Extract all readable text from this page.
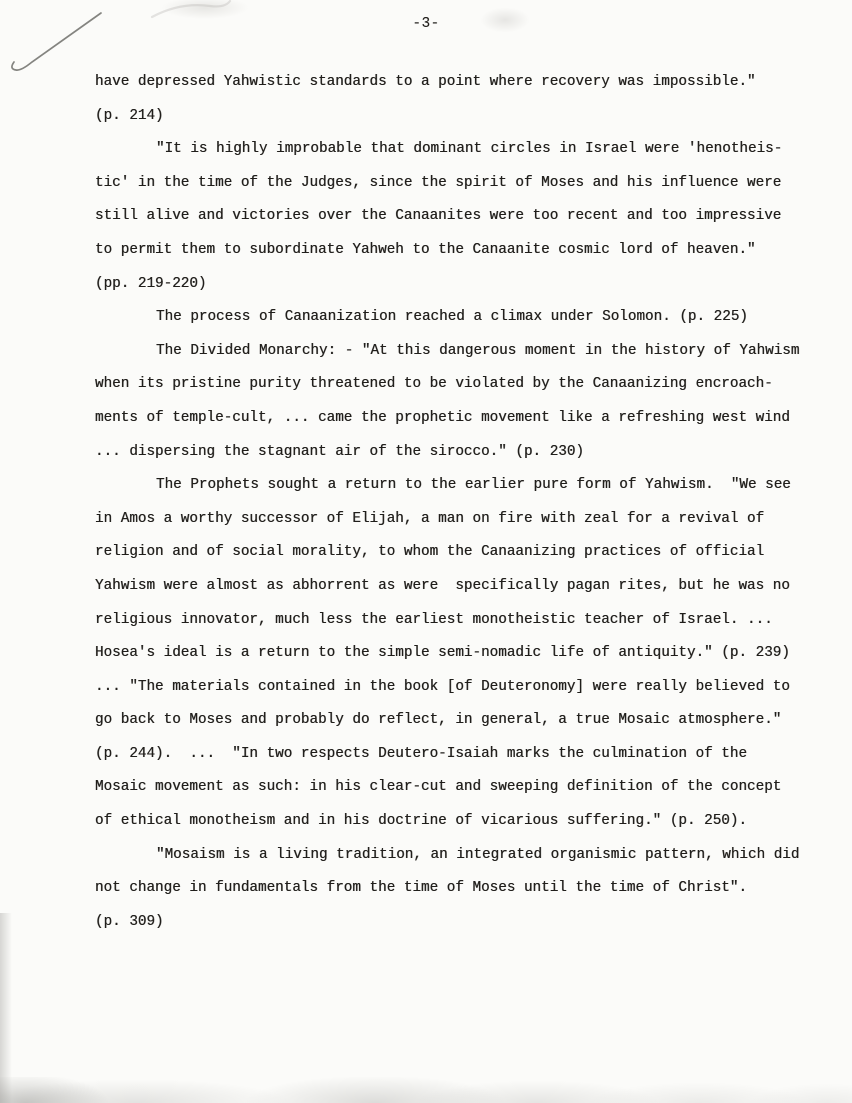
-3-
have depressed Yahwistic standards to a point where recovery was impossible."
(p. 214)
"It is highly improbable that dominant circles in Israel were 'henotheis-
tic' in the time of the Judges, since the spirit of Moses and his influence were
still alive and victories over the Canaanites were too recent and too impressive
to permit them to subordinate Yahweh to the Canaanite cosmic lord of heaven."
(pp. 219-220)
The process of Canaanization reached a climax under Solomon. (p. 225)
The Divided Monarchy: - "At this dangerous moment in the history of Yahwism
when its pristine purity threatened to be violated by the Canaanizing encroach-
ments of temple-cult, ... came the prophetic movement like a refreshing west wind
... dispersing the stagnant air of the sirocco." (p. 230)
The Prophets sought a return to the earlier pure form of Yahwism.  "We see
in Amos a worthy successor of Elijah, a man on fire with zeal for a revival of
religion and of social morality, to whom the Canaanizing practices of official
Yahwism were almost as abhorrent as were  specifically pagan rites, but he was no
religious innovator, much less the earliest monotheistic teacher of Israel. ...
Hosea's ideal is a return to the simple semi-nomadic life of antiquity." (p. 239)
... "The materials contained in the book [of Deuteronomy] were really believed to
go back to Moses and probably do reflect, in general, a true Mosaic atmosphere."
(p. 244).  ...  "In two respects Deutero-Isaiah marks the culmination of the
Mosaic movement as such: in his clear-cut and sweeping definition of the concept
of ethical monotheism and in his doctrine of vicarious suffering." (p. 250).
"Mosaism is a living tradition, an integrated organismic pattern, which did
not change in fundamentals from the time of Moses until the time of Christ".
(p. 309)
